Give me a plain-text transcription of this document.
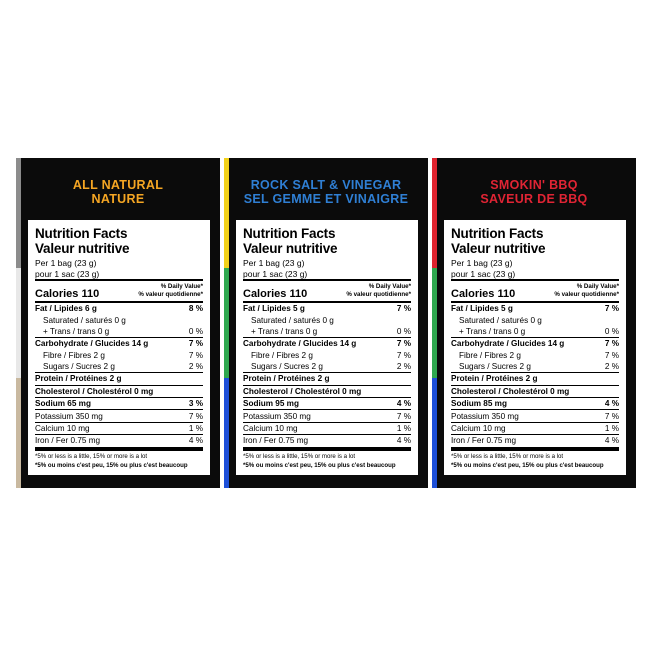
ALL NATURAL
NATURE
Nutrition Facts
Valeur nutritive
Per 1 bag (23 g)
pour 1 sac (23 g)
Calories 110
% Daily Value*
% valeur quotidienne*
Fat / Lipides 6 g	8 %
Saturated / saturés 0 g	
+ Trans / trans 0 g	0 %
Carbohydrate / Glucides 14 g	7 %
Fibre / Fibres 2 g	7 %
Sugars / Sucres 2 g	2 %
Protein / Protéines 2 g	
Cholesterol / Cholestérol 0 mg	
Sodium 65 mg	3 %
Potassium 350 mg	7 %
Calcium 10 mg	1 %
Iron / Fer 0.75 mg	4 %
*5% or less is a little, 15% or more is a lot
*5% ou moins c'est peu, 15% ou plus c'est beaucoup
ROCK SALT & VINEGAR
SEL GEMME ET VINAIGRE
Nutrition Facts
Valeur nutritive
Per 1 bag (23 g)
pour 1 sac (23 g)
Calories 110
% Daily Value*
% valeur quotidienne*
Fat / Lipides 5 g	7 %
Saturated / saturés 0 g	
+ Trans / trans 0 g	0 %
Carbohydrate / Glucides 14 g	7 %
Fibre / Fibres 2 g	7 %
Sugars / Sucres 2 g	2 %
Protein / Protéines 2 g	
Cholesterol / Cholestérol 0 mg	
Sodium 95 mg	4 %
Potassium 350 mg	7 %
Calcium 10 mg	1 %
Iron / Fer 0.75 mg	4 %
*5% or less is a little, 15% or more is a lot
*5% ou moins c'est peu, 15% ou plus c'est beaucoup
SMOKIN' BBQ
SAVEUR DE BBQ
Nutrition Facts
Valeur nutritive
Per 1 bag (23 g)
pour 1 sac (23 g)
Calories 110
% Daily Value*
% valeur quotidienne*
Fat / Lipides 5 g	7 %
Saturated / saturés 0 g	
+ Trans / trans 0 g	0 %
Carbohydrate / Glucides 14 g	7 %
Fibre / Fibres 2 g	7 %
Sugars / Sucres 2 g	2 %
Protein / Protéines 2 g	
Cholesterol / Cholestérol 0 mg	
Sodium 85 mg	4 %
Potassium 350 mg	7 %
Calcium 10 mg	1 %
Iron / Fer 0.75 mg	4 %
*5% or less is a little, 15% or more is a lot
*5% ou moins c'est peu, 15% ou plus c'est beaucoup
